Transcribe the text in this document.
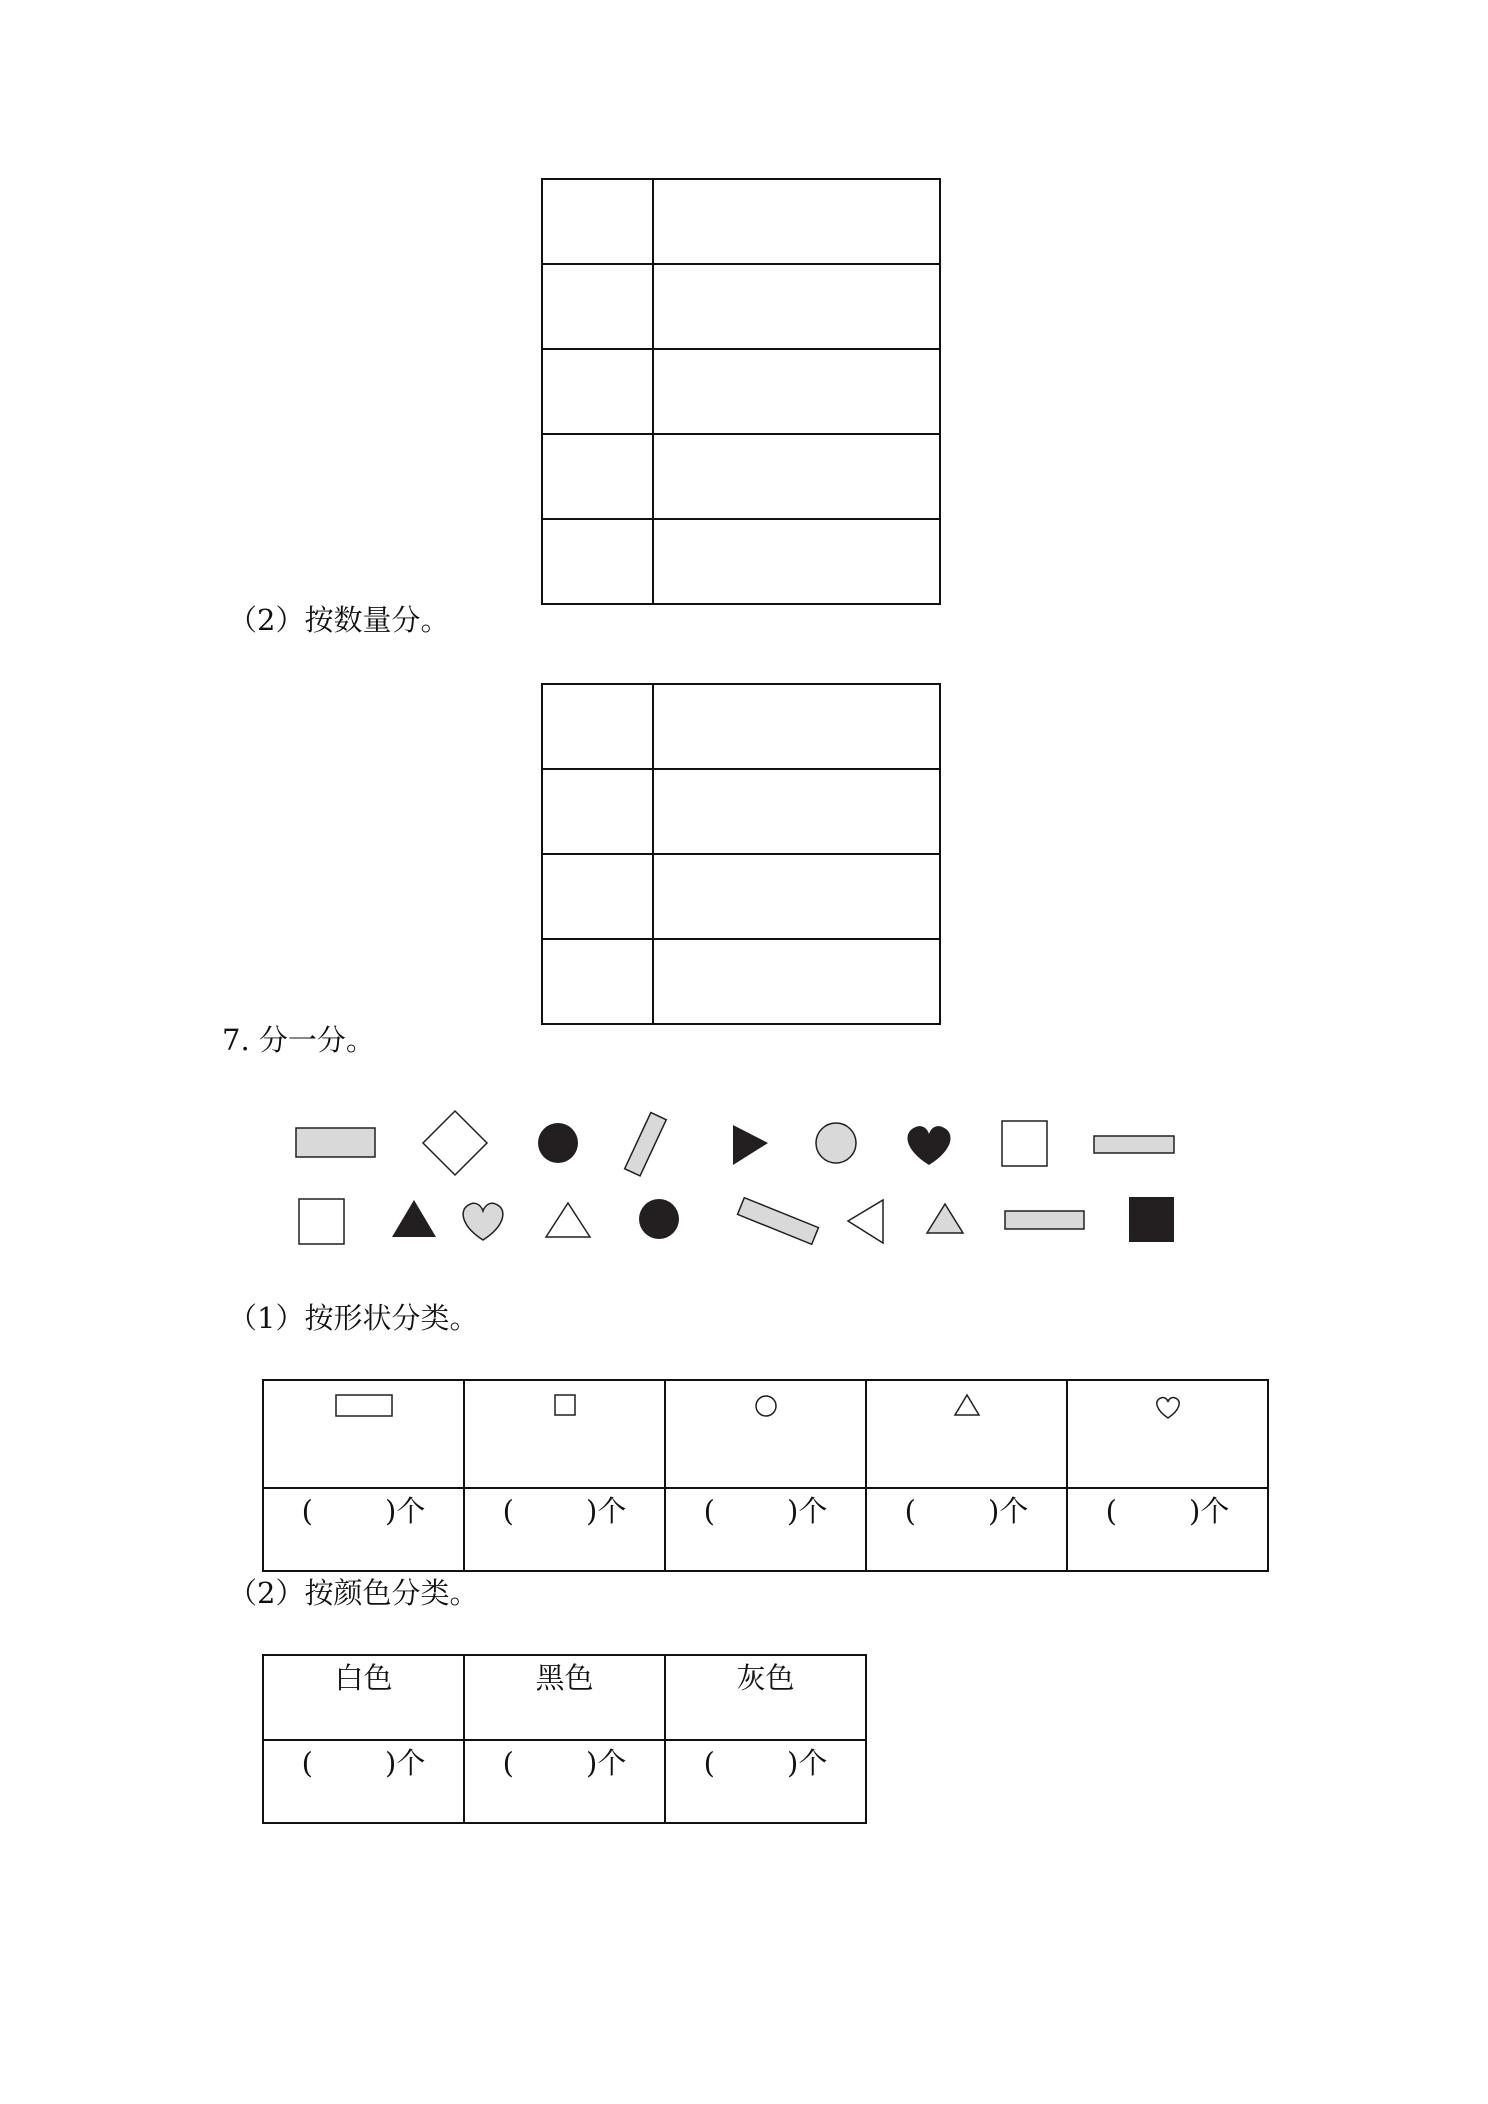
（2）按数量分。

7. 分一分。
（1）按形状分类。

( )个	( )个	( )个	( )个	( )个
（2）按颜色分类。
白色	黑色	灰色

( )个	( )个	( )个
